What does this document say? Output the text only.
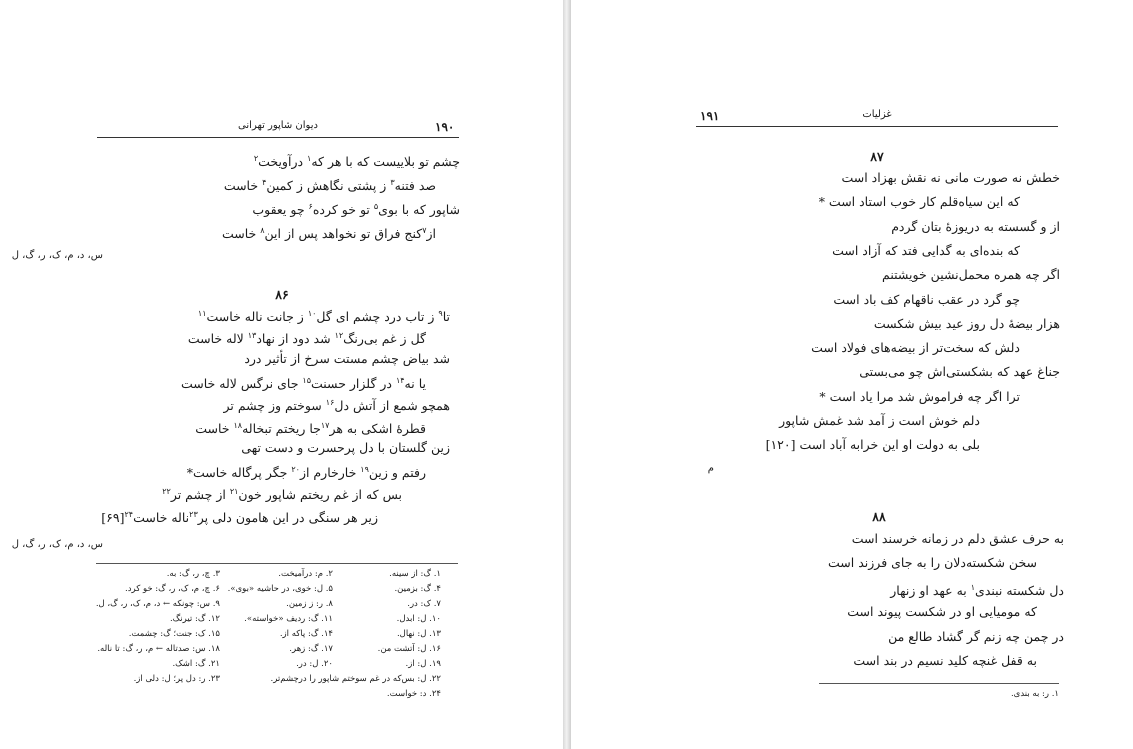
۱۹۰
دیوان شاپور تهرانی
چشم تو بلاییست که با هر که$^۱$ درآویخت$^۲$
صد فتنه$^۳$ ز پشتی نگاهش ز کمین$^۴$ خاست
شاپور که با بوی$^۵$ تو خو کرده$^۶$ چو یعقوب
از$^۷$کنج فراق تو نخواهد پس از این$^۸$ خاست
س، د، م، ک، ر، گ، ل
۸۶
تا$^۹$ ز تاب درد چشم ای گل$^{۱۰}$ ز جانت ناله خاست$^{۱۱}$
گل ز غم بی‌رنگ$^{۱۲}$ شد دود از نهاد$^{۱۳}$ لاله خاست
شد بیاض چشم مستت سرخ از تأثیر درد
یا نه$^{۱۴}$ در گلزار حسنت$^{۱۵}$ جای نرگس لاله خاست
همچو شمع از آتش دل$^{۱۶}$ سوختم وز چشم تر
قطرهٔ اشکی به هر$^{۱۷}$جا ریختم تبخاله$^{۱۸}$ خاست
زین گلستان با دل پرحسرت و دست تهی
رفتم و زین$^{۱۹}$ خارخارم از$^{۲۰}$ جگر پرگاله خاست*
بس که از غم ریختم شاپور خون$^{۲۱}$ از چشم تر$^{۲۲}$
زیر هر سنگی در این هامون دلی پر$^{۲۳}$ناله خاست$^{۲۴}$[۶۹]
س، د، م، ک، ر، گ، ل
۱. گ: از سینه.
۲. م: درآمیخت.
۳. چ، ر، گ: به.
۴. گ: بزمین.
۵. ل: خوی، در حاشیه «بوی».
۶. چ، م، ک، ر، گ: خو کرد.
۷. ک: در.
۸. ر: ز زمین.
۹. س: چونکه ← د، م، ک، ر، گ، ل.
۱۰. ل: ابدل.
۱۱. گ: ردیف «خواسته».
۱۲. گ: تیرنگ.
۱۳. ل: نهال.
۱۴. گ: پاکه از.
۱۵. ک: جنت؛ گ: چشمت.
۱۶. ل: آتشت من.
۱۷. گ: زهر.
۱۸. س: صدتاله ← م، ر، گ: تا ناله.
۱۹. ل: از.
۲۰. ل: در.
۲۱. گ: اشک.
۲۲. ل: بس‌که در غم سوختم شاپور را درچشم‌تر.
۲۳. ر: دل پر؛ ل: دلی از.
۲۴. د: خواست.
۱۹۱	غزلیات
۸۷
خطش نه صورت مانی نه نقش بهزاد است
که این سیاه‌قلم کار خوب استاد است *
از و گسسته به دریوزهٔ بتان گردم
که بنده‌ای به گدایی فتد که آزاد است
اگر چه همره محمل‌نشین خویشتنم
چو گرد در عقب ناقهام کف باد است
هزار بیضهٔ دل روز عید بیش شکست
دلش که سخت‌تر از بیضه‌های فولاد است
جناغ عهد که بشکستی‌اش چو می‌بستی
ترا اگر چه فراموش شد مرا یاد است *
دلم خوش است ز آمد شد غمش شاپور
بلی به دولت او این خرابه آباد است [۱۲۰]
م
۸۸
به حرف عشق دلم در زمانه خرسند است
سخن شکسته‌دلان را به جای فرزند است
دل شکسته نبندی$^۱$ به عهد او زنهار
که مومیایی او در شکست پیوند است
در چمن چه زنم گر گشاد طالع من
به قفل غنچه کلید نسیم در بند است
۱. ر: به بندی.
